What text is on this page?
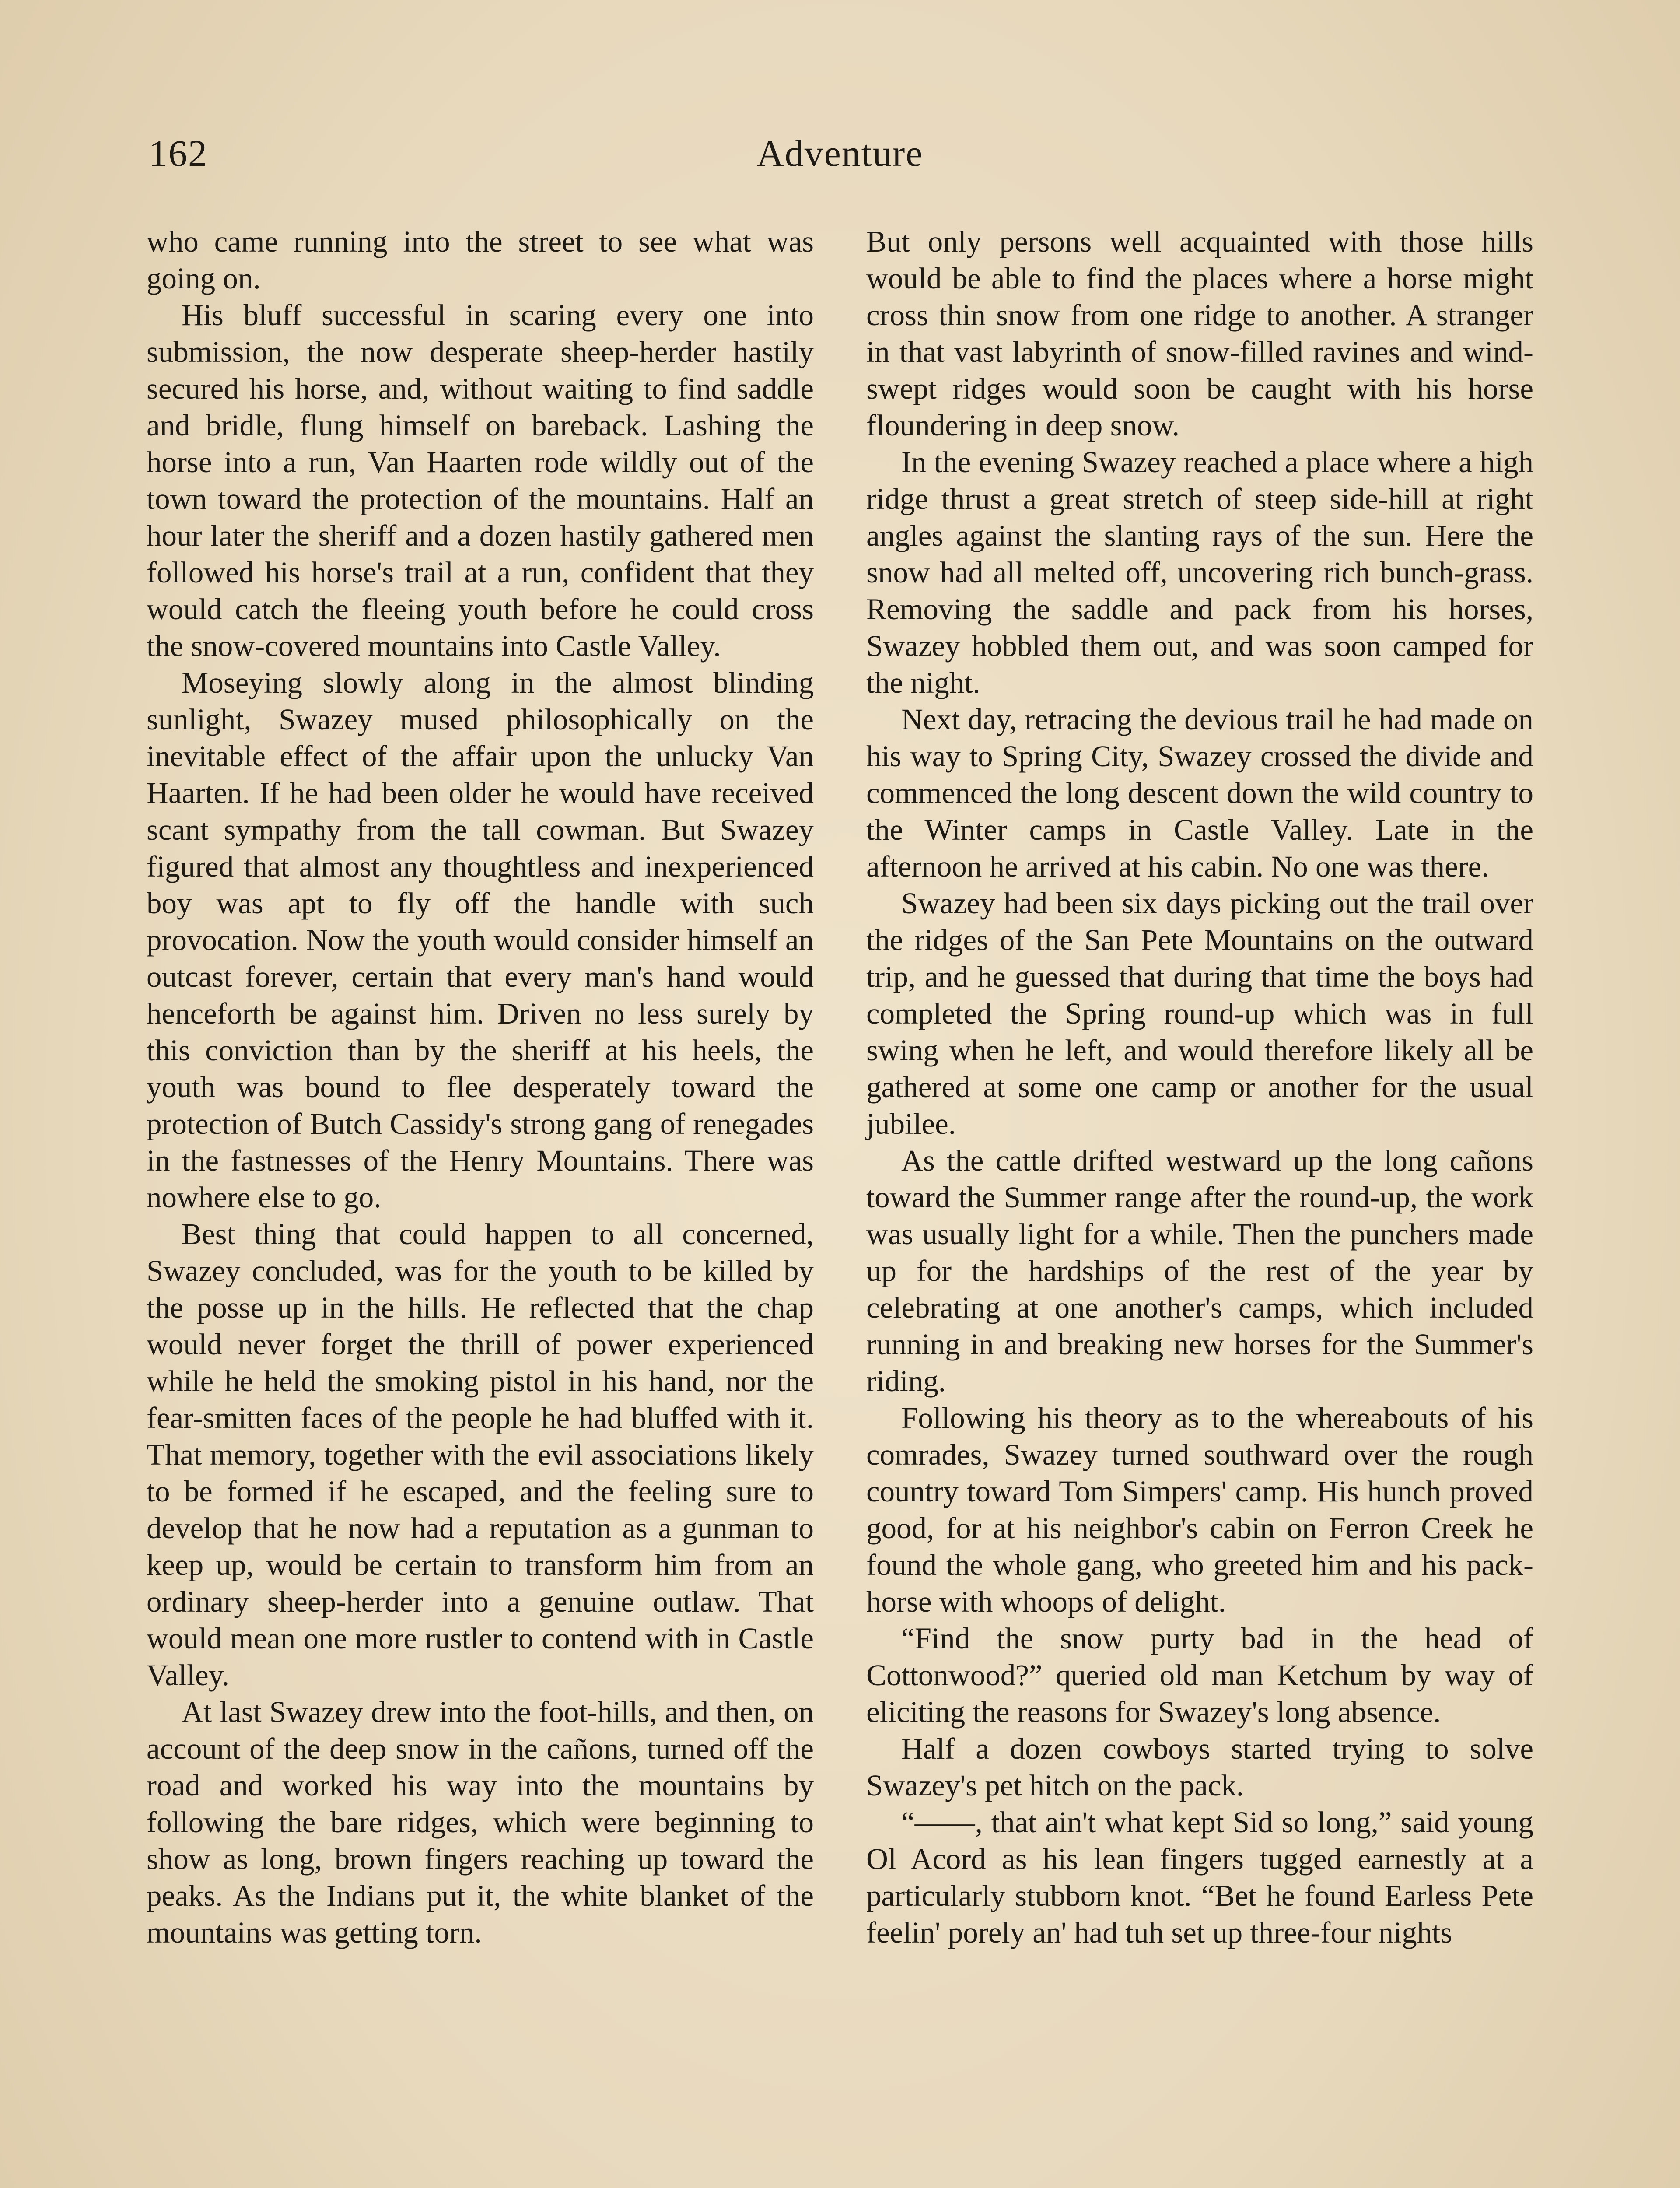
162	Adventure

who came running into the street to see what was going on.

His bluff successful in scaring every one into submission, the now desperate sheep-herder hastily secured his horse, and, without waiting to find saddle and bridle, flung himself on bareback. Lashing the horse into a run, Van Haarten rode wildly out of the town toward the protection of the mountains. Half an hour later the sheriff and a dozen hastily gathered men followed his horse's trail at a run, confident that they would catch the fleeing youth before he could cross the snow-covered mountains into Castle Valley.

Moseying slowly along in the almost blinding sunlight, Swazey mused philosophically on the inevitable effect of the affair upon the unlucky Van Haarten. If he had been older he would have received scant sympathy from the tall cowman. But Swazey figured that almost any thoughtless and inexperienced boy was apt to fly off the handle with such provocation. Now the youth would consider himself an outcast forever, certain that every man's hand would henceforth be against him. Driven no less surely by this conviction than by the sheriff at his heels, the youth was bound to flee desperately toward the protection of Butch Cassidy's strong gang of renegades in the fastnesses of the Henry Mountains. There was nowhere else to go.

Best thing that could happen to all concerned, Swazey concluded, was for the youth to be killed by the posse up in the hills. He reflected that the chap would never forget the thrill of power experienced while he held the smoking pistol in his hand, nor the fear-smitten faces of the people he had bluffed with it. That memory, together with the evil associations likely to be formed if he escaped, and the feeling sure to develop that he now had a reputation as a gunman to keep up, would be certain to transform him from an ordinary sheep-herder into a genuine outlaw. That would mean one more rustler to contend with in Castle Valley.

At last Swazey drew into the foot-hills, and then, on account of the deep snow in the cañons, turned off the road and worked his way into the mountains by following the bare ridges, which were beginning to show as long, brown fingers reaching up toward the peaks. As the Indians put it, the white blanket of the mountains was getting torn.

But only persons well acquainted with those hills would be able to find the places where a horse might cross thin snow from one ridge to another. A stranger in that vast labyrinth of snow-filled ravines and wind-swept ridges would soon be caught with his horse floundering in deep snow.

In the evening Swazey reached a place where a high ridge thrust a great stretch of steep side-hill at right angles against the slanting rays of the sun. Here the snow had all melted off, uncovering rich bunch-grass. Removing the saddle and pack from his horses, Swazey hobbled them out, and was soon camped for the night.

Next day, retracing the devious trail he had made on his way to Spring City, Swazey crossed the divide and commenced the long descent down the wild country to the Winter camps in Castle Valley. Late in the afternoon he arrived at his cabin. No one was there.

Swazey had been six days picking out the trail over the ridges of the San Pete Mountains on the outward trip, and he guessed that during that time the boys had completed the Spring round-up which was in full swing when he left, and would therefore likely all be gathered at some one camp or another for the usual jubilee.

As the cattle drifted westward up the long cañons toward the Summer range after the round-up, the work was usually light for a while. Then the punchers made up for the hardships of the rest of the year by celebrating at one another's camps, which included running in and breaking new horses for the Summer's riding.

Following his theory as to the whereabouts of his comrades, Swazey turned southward over the rough country toward Tom Simpers' camp. His hunch proved good, for at his neighbor's cabin on Ferron Creek he found the whole gang, who greeted him and his pack-horse with whoops of delight.

“Find the snow purty bad in the head of Cottonwood?” queried old man Ketchum by way of eliciting the reasons for Swazey's long absence.

Half a dozen cowboys started trying to solve Swazey's pet hitch on the pack.

“——, that ain't what kept Sid so long,” said young Ol Acord as his lean fingers tugged earnestly at a particularly stubborn knot. “Bet he found Earless Pete feelin' porely an' had tuh set up three-four nights
